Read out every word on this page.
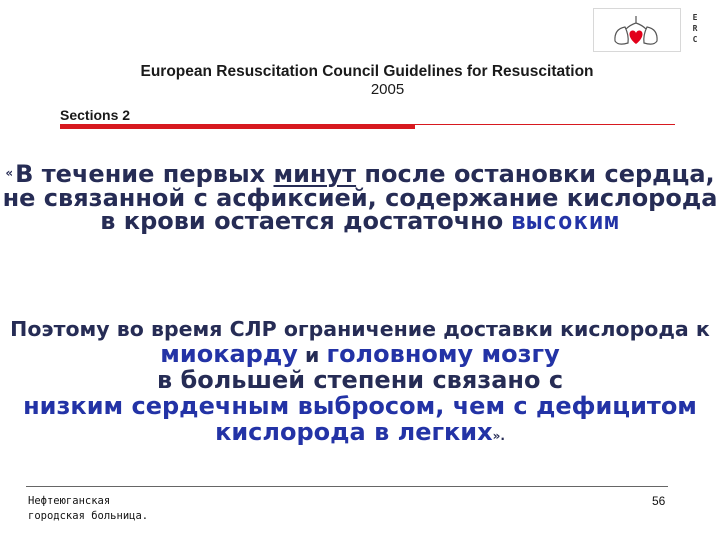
E
R
C
European Resuscitation Council Guidelines for Resuscitation
2005
Sections 2
«В течение первых минут после остановки сердца, не связанной с асфиксией, содержание кислорода в крови остается достаточно высоким
Поэтому во время СЛР ограничение доставки кислорода к миокарду и головному мозгу
в большей степени связано с
низким сердечным выбросом, чем с дефицитом кислорода в легких».
Нефтеюганская
городская больница.
56
